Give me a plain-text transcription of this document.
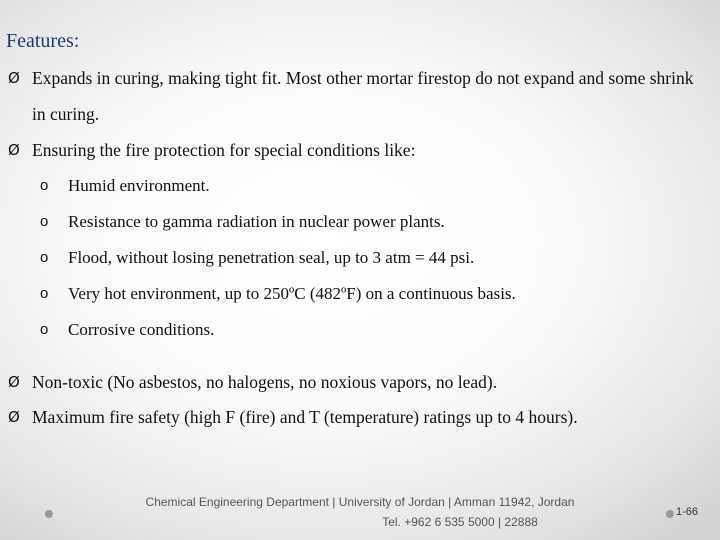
Features:
Ø Expands in curing, making tight fit. Most other mortar firestop do not expand and some shrink in curing.
Ø Ensuring the fire protection for special conditions like:
o	Humid environment.
o	Resistance to gamma radiation in nuclear power plants.
o	Flood, without losing penetration seal, up to 3 atm = 44 psi.
o	Very hot environment, up to 250ºC (482ºF) on a continuous basis.
o	Corrosive conditions.
Ø Non-toxic (No asbestos, no halogens, no noxious vapors, no lead).
Ø Maximum fire safety (high F (fire) and T (temperature) ratings up to 4 hours).
Chemical Engineering Department | University of Jordan | Amman 11942, Jordan
Tel. +962 6 535 5000 | 22888
1-66
